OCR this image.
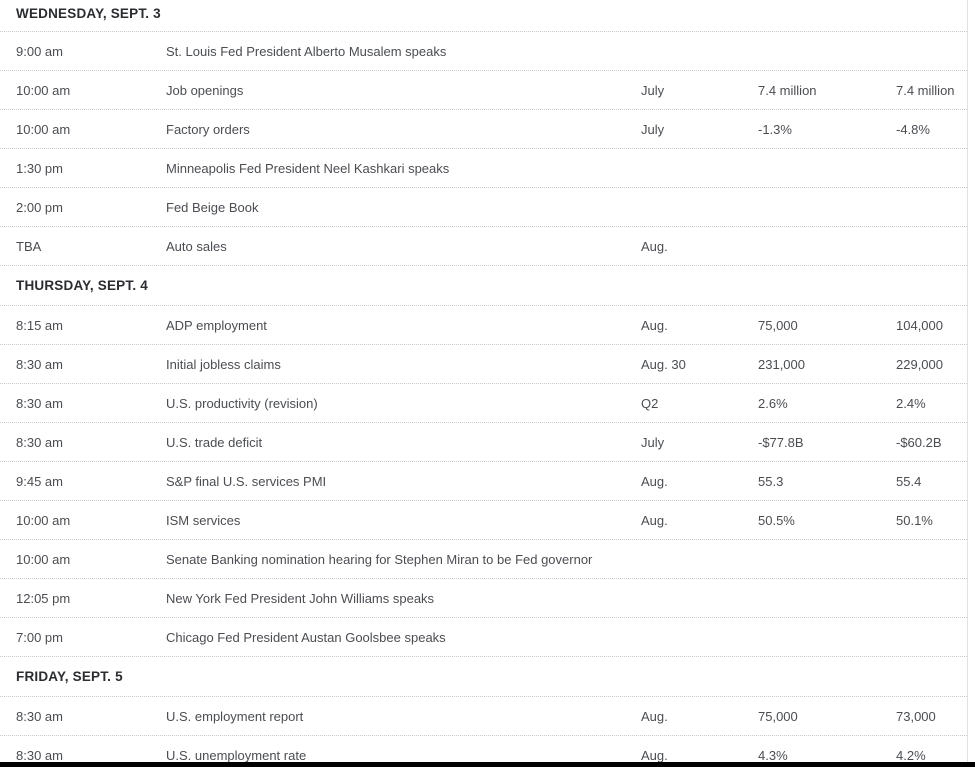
WEDNESDAY, SEPT. 3
9:00 am	St. Louis Fed President Alberto Musalem speaks
10:00 am	Job openings	July	7.4 million	7.4 million
10:00 am	Factory orders	July	-1.3%	-4.8%
1:30 pm	Minneapolis Fed President Neel Kashkari speaks
2:00 pm	Fed Beige Book
TBA	Auto sales	Aug.
THURSDAY, SEPT. 4
8:15 am	ADP employment	Aug.	75,000	104,000
8:30 am	Initial jobless claims	Aug. 30	231,000	229,000
8:30 am	U.S. productivity (revision)	Q2	2.6%	2.4%
8:30 am	U.S. trade deficit	July	-$77.8B	-$60.2B
9:45 am	S&P final U.S. services PMI	Aug.	55.3	55.4
10:00 am	ISM services	Aug.	50.5%	50.1%
10:00 am	Senate Banking nomination hearing for Stephen Miran to be Fed governor
12:05 pm	New York Fed President John Williams speaks
7:00 pm	Chicago Fed President Austan Goolsbee speaks
FRIDAY, SEPT. 5
8:30 am	U.S. employment report	Aug.	75,000	73,000
8:30 am	U.S. unemployment rate	Aug.	4.3%	4.2%
